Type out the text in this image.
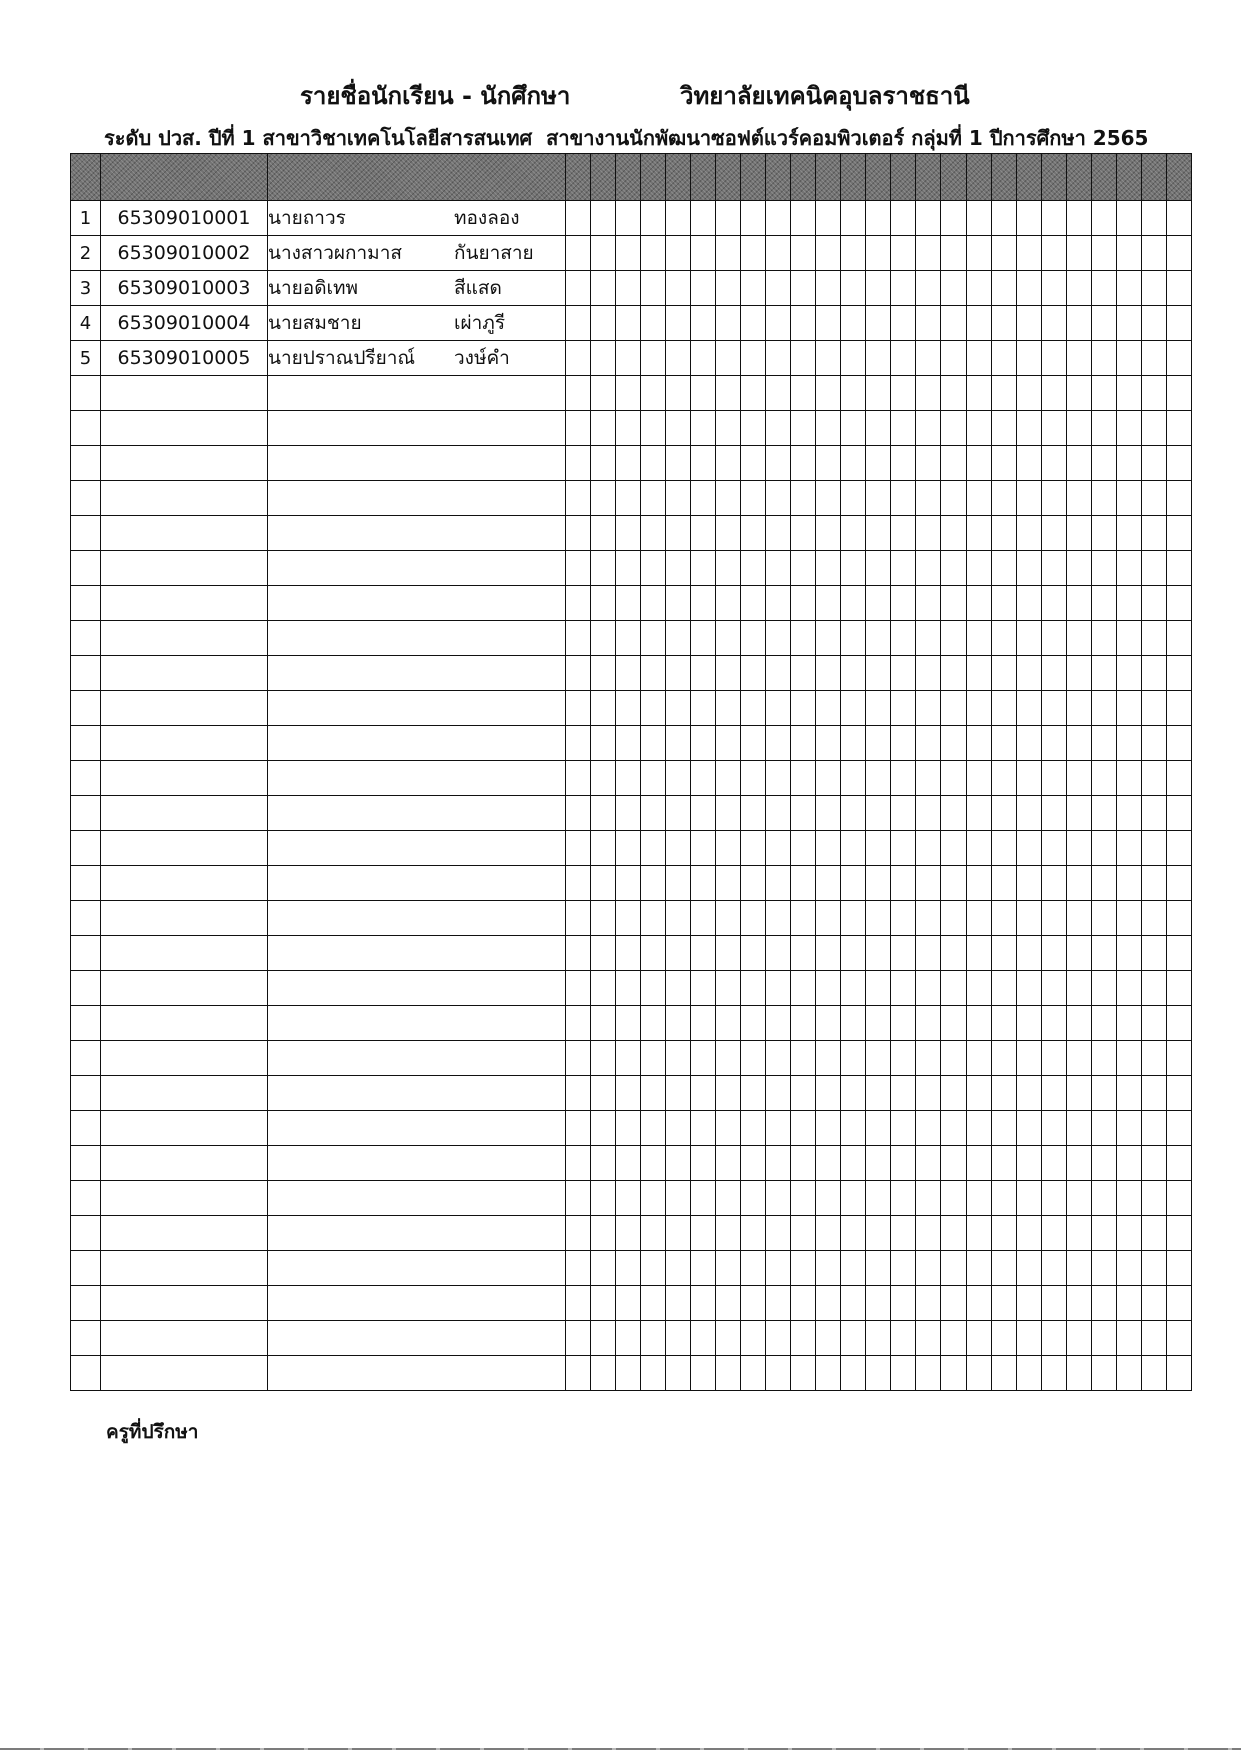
รายชื่อนักเรียน - นักศึกษา	วิทยาลัยเทคนิคอุบลราชธานี
ระดับ ปวส. ปีที่ 1 สาขาวิชาเทคโนโลยีสารสนเทศ สาขางานนักพัฒนาซอฟต์แวร์คอมพิวเตอร์ กลุ่มที่ 1 ปีการศึกษา 2565

1	65309010001	นายถาวร ทองลอง																									
2	65309010002	นางสาวผกามาส กันยาสาย																									
3	65309010003	นายอดิเทพ สีแสด																									
4	65309010004	นายสมชาย เผ่าภูรี																									
5	65309010005	นายปราณปรียาณ์ วงษ์คำ																									

ครูที่ปรึกษา
